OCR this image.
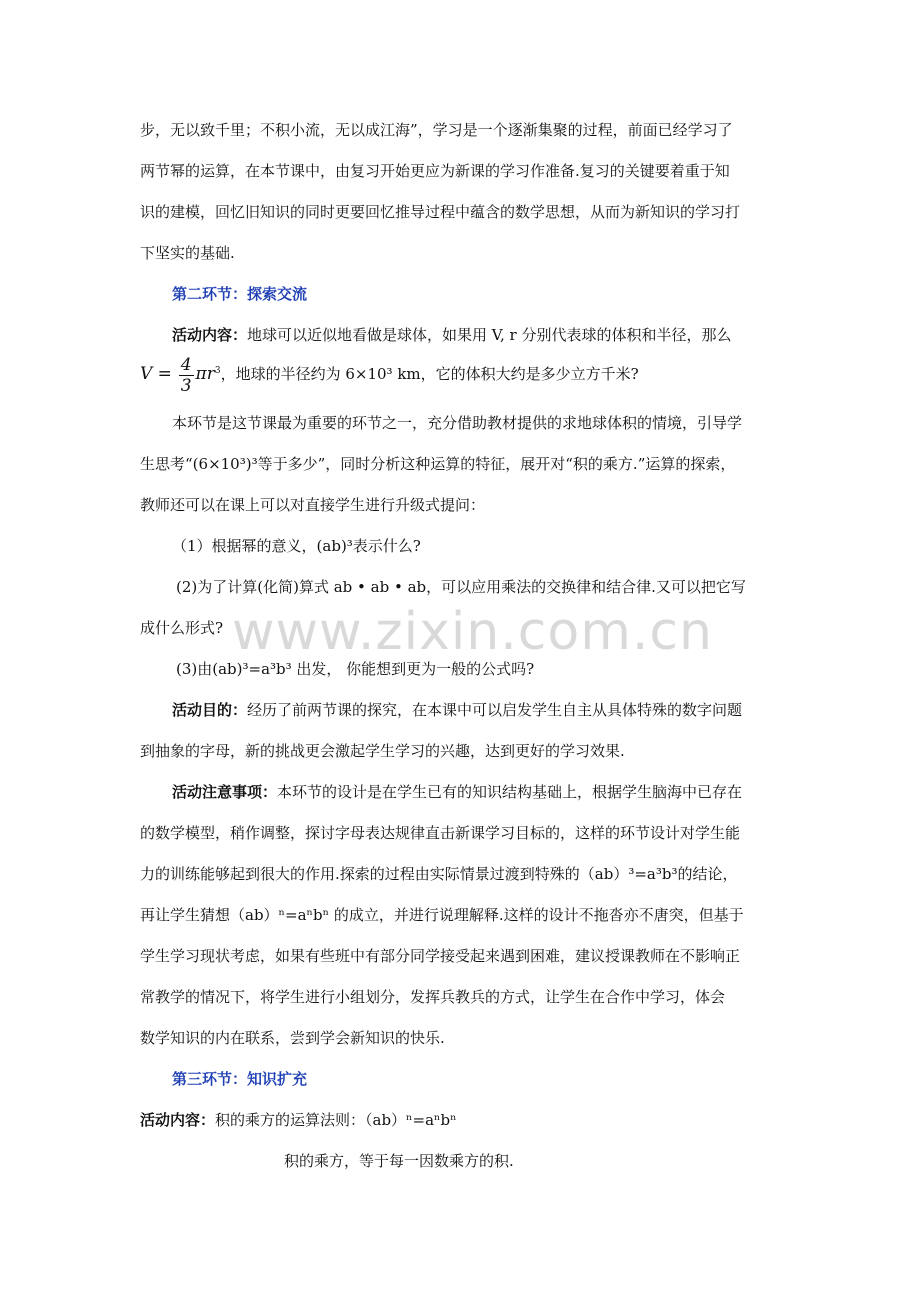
步，无以致千里；不积小流，无以成江海”，学习是一个逐渐集聚的过程，前面已经学习了
两节幂的运算，在本节课中，由复习开始更应为新课的学习作准备.复习的关键要着重于知
识的建模，回忆旧知识的同时更要回忆推导过程中蕴含的数学思想，从而为新知识的学习打
下坚实的基础.
第二环节：探索交流
活动内容：地球可以近似地看做是球体，如果用 V, r 分别代表球的体积和半径，那么
$V = \frac{4}{3} \pi r^3$，地球的半径约为 6×10³ km，它的体积大约是多少立方千米?
本环节是这节课最为重要的环节之一，充分借助教材提供的求地球体积的情境，引导学
生思考“(6×10³)³等于多少”，同时分析这种运算的特征，展开对“积的乘方.”运算的探索，
教师还可以在课上可以对直接学生进行升级式提问：
（1）根据幂的意义，(ab)³表示什么?
(2)为了计算(化简)算式 ab • ab • ab，可以应用乘法的交换律和结合律.又可以把它写
成什么形式?
(3)由(ab)³=a³b³ 出发， 你能想到更为一般的公式吗?
活动目的：经历了前两节课的探究，在本课中可以启发学生自主从具体特殊的数字问题
到抽象的字母，新的挑战更会激起学生学习的兴趣，达到更好的学习效果.
活动注意事项：本环节的设计是在学生已有的知识结构基础上，根据学生脑海中已存在
的数学模型，稍作调整，探讨字母表达规律直击新课学习目标的，这样的环节设计对学生能
力的训练能够起到很大的作用.探索的过程由实际情景过渡到特殊的（ab）³=a³b³的结论，
再让学生猜想（ab）ⁿ=aⁿbⁿ 的成立，并进行说理解释.这样的设计不拖沓亦不唐突，但基于
学生学习现状考虑，如果有些班中有部分同学接受起来遇到困难，建议授课教师在不影响正
常教学的情况下，将学生进行小组划分，发挥兵教兵的方式，让学生在合作中学习，体会
数学知识的内在联系，尝到学会新知识的快乐.
第三环节：知识扩充
活动内容：积的乘方的运算法则：（ab）ⁿ=aⁿbⁿ
积的乘方，等于每一因数乘方的积.
www.zixin.com.cn
